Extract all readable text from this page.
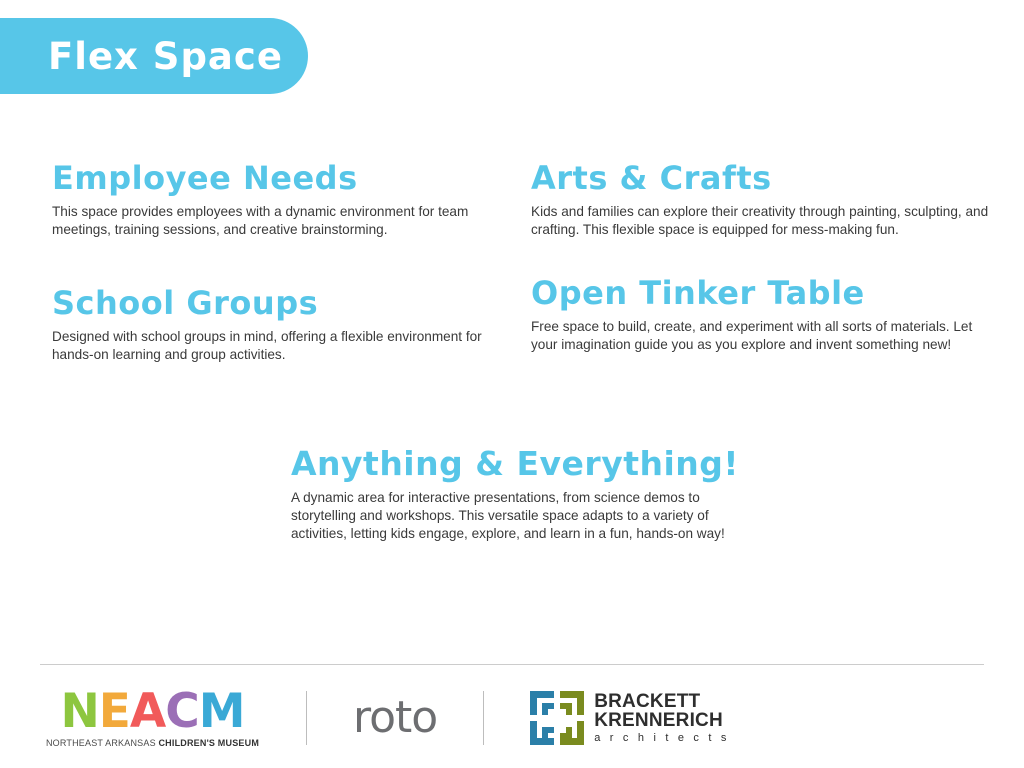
Flex Space
Employee Needs

This space provides employees with a dynamic environment for team meetings, training sessions, and creative brainstorming.

School Groups

Designed with school groups in mind, offering a flexible environment for hands-on learning and group activities.

Arts & Crafts

Kids and families can explore their creativity through painting, sculpting, and crafting. This flexible space is equipped for mess-making fun.

Open Tinker Table

Free space to build, create, and experiment with all sorts of materials. Let your imagination guide you as you explore and invent something new!

Anything & Everything!

A dynamic area for interactive presentations, from science demos to storytelling and workshops. This versatile space adapts to a variety of activities, letting kids engage, explore, and learn in a fun, hands-on way!

N E A C M
NORTHEAST ARKANSAS CHILDREN'S MUSEUM roto	BRACKETT
KRENNERICH
a r c h i t e c t s
